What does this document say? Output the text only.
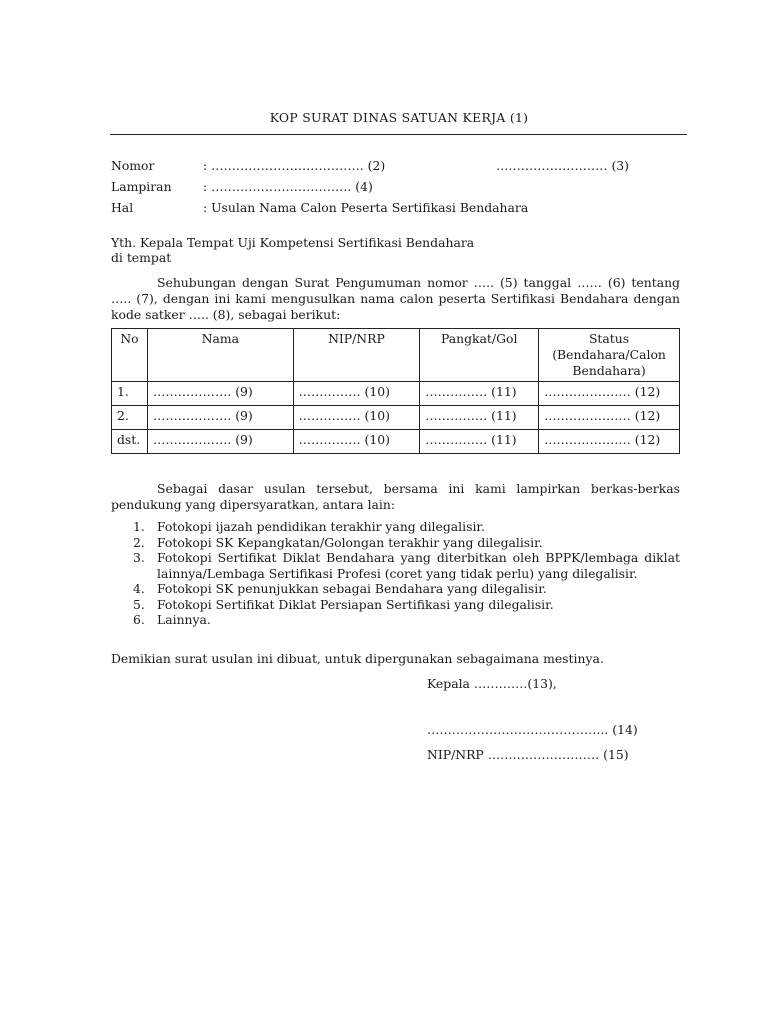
KOP SURAT DINAS SATUAN KERJA (1)
Nomor	: ………………………………. (2)	……………………… (3)
Lampiran	: ……………………………. (4)
Hal	: Usulan Nama Calon Peserta Sertifikasi Bendahara
Yth. Kepala Tempat Uji Kompetensi Sertifikasi Bendahara
di tempat
Sehubungan dengan Surat Pengumuman nomor ….. (5) tanggal …… (6) tentang ….. (7), dengan ini kami mengusulkan nama calon peserta Sertifikasi Bendahara dengan kode satker ….. (8), sebagai berikut:
No	Nama	NIP/NRP	Pangkat/Gol	Status
(Bendahara/Calon
Bendahara)

1.	………………. (9)	…………… (10)	…………… (11)	………………… (12)
2.	………………. (9)	…………… (10)	…………… (11)	………………… (12)
dst.	………………. (9)	…………… (10)	…………… (11)	………………… (12)
Sebagai dasar usulan tersebut, bersama ini kami lampirkan berkas-berkas pendukung yang dipersyaratkan, antara lain:
1. Fotokopi ijazah pendidikan terakhir yang dilegalisir.
2. Fotokopi SK Kepangkatan/Golongan terakhir yang dilegalisir.
3. Fotokopi Sertifikat Diklat Bendahara yang diterbitkan oleh BPPK/lembaga diklat lainnya/Lembaga Sertifikasi Profesi (coret yang tidak perlu) yang dilegalisir.
4. Fotokopi SK penunjukkan sebagai Bendahara yang dilegalisir.
5. Fotokopi Sertifikat Diklat Persiapan Sertifikasi yang dilegalisir.
6. Lainnya.
Demikian surat usulan ini dibuat, untuk dipergunakan sebagaimana mestinya.
Kepala ………….(13),
…………………………………….. (14)
NIP/NRP ……………………… (15)
